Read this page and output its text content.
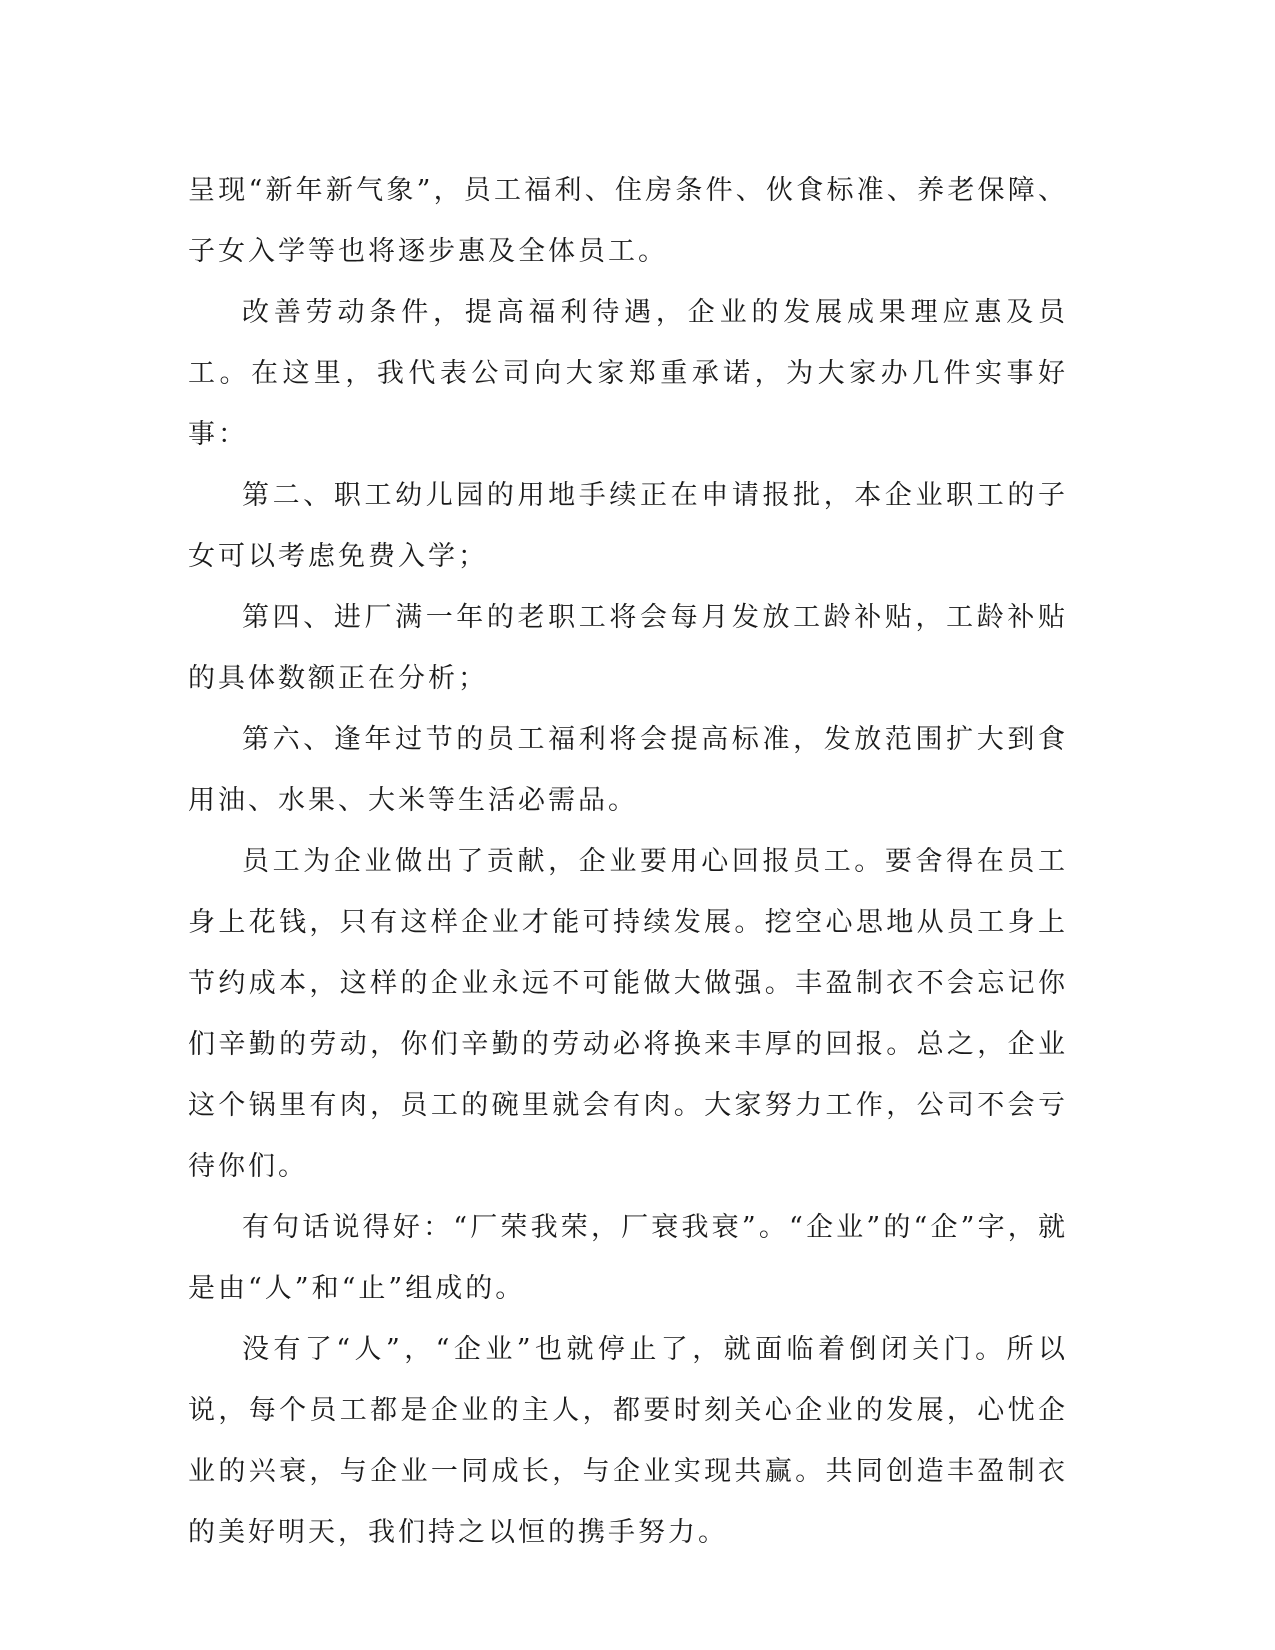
呈现“新年新气象”，员工福利、住房条件、伙食标准、养老保障、子女入学等也将逐步惠及全体员工。

改善劳动条件，提高福利待遇，企业的发展成果理应惠及员工。在这里，我代表公司向大家郑重承诺，为大家办几件实事好事：

第二、职工幼儿园的用地手续正在申请报批，本企业职工的子女可以考虑免费入学；

第四、进厂满一年的老职工将会每月发放工龄补贴，工龄补贴的具体数额正在分析；

第六、逢年过节的员工福利将会提高标准，发放范围扩大到食用油、水果、大米等生活必需品。

员工为企业做出了贡献，企业要用心回报员工。要舍得在员工身上花钱，只有这样企业才能可持续发展。挖空心思地从员工身上节约成本，这样的企业永远不可能做大做强。丰盈制衣不会忘记你们辛勤的劳动，你们辛勤的劳动必将换来丰厚的回报。总之，企业这个锅里有肉，员工的碗里就会有肉。大家努力工作，公司不会亏待你们。

有句话说得好：“厂荣我荣，厂衰我衰”。“企业”的“企”字，就是由“人”和“止”组成的。

没有了“人”，“企业”也就停止了，就面临着倒闭关门。所以说，每个员工都是企业的主人，都要时刻关心企业的发展，心忧企业的兴衰，与企业一同成长，与企业实现共赢。共同创造丰盈制衣的美好明天，我们持之以恒的携手努力。
